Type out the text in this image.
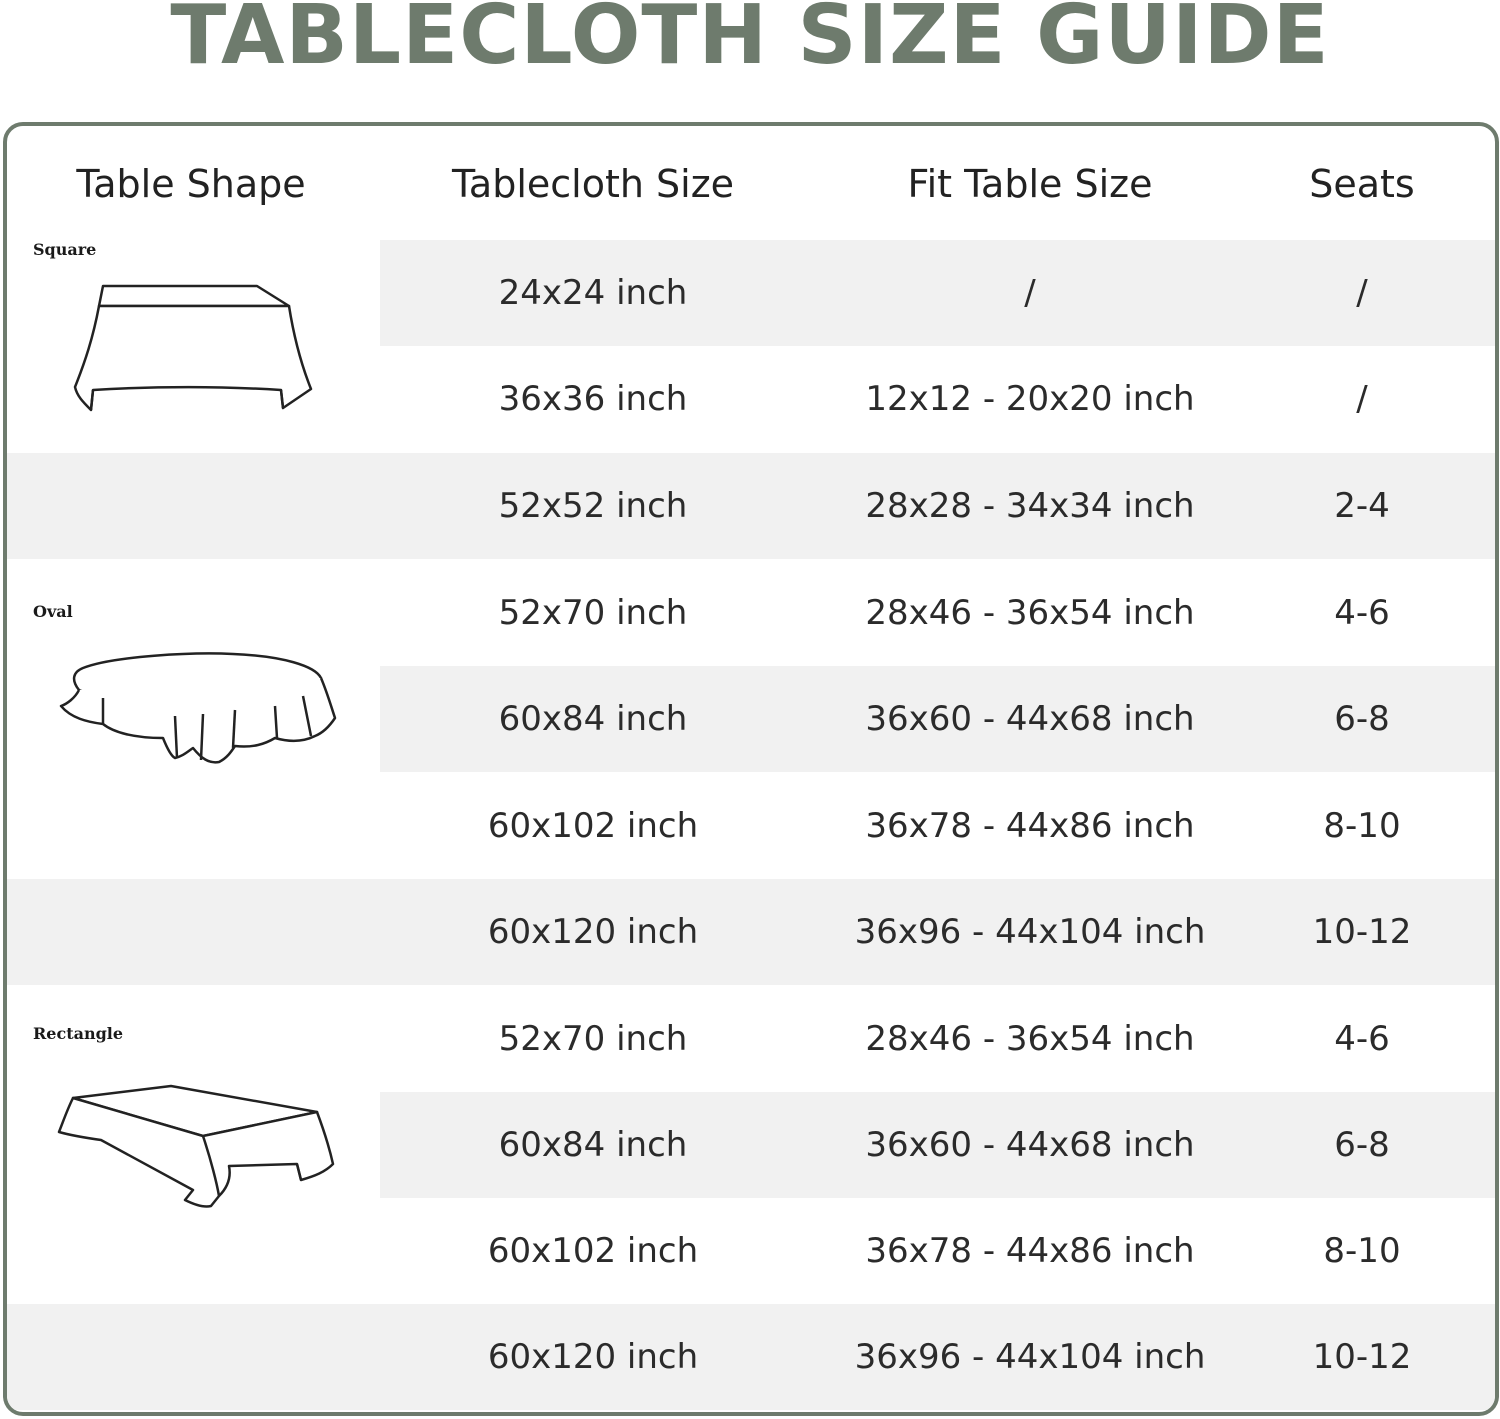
TABLECLOTH SIZE GUIDE
Table Shape	Tablecloth Size	Fit Table Size	Seats
Square
Oval
Rectangle
24x24 inch	/	/
36x36 inch	12x12 - 20x20 inch	/
52x52 inch	28x28 - 34x34 inch	2-4
52x70 inch	28x46 - 36x54 inch	4-6
60x84 inch	36x60 - 44x68 inch	6-8
60x102 inch	36x78 - 44x86 inch	8-10
60x120 inch	36x96 - 44x104 inch	10-12
52x70 inch	28x46 - 36x54 inch	4-6
60x84 inch	36x60 - 44x68 inch	6-8
60x102 inch	36x78 - 44x86 inch	8-10
60x120 inch	36x96 - 44x104 inch	10-12
